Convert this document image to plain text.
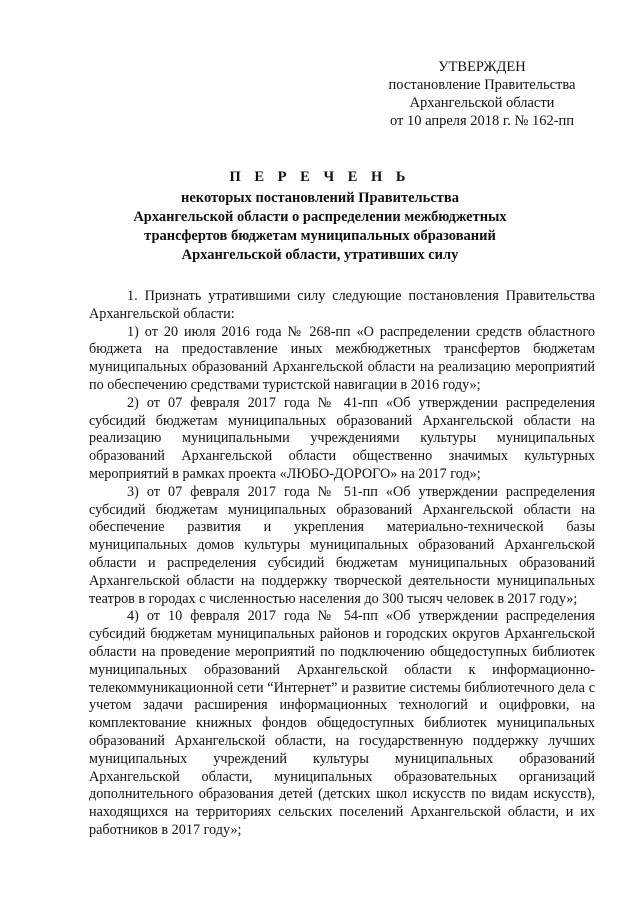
УТВЕРЖДЕН
постановление Правительства
Архангельской области
от 10 апреля 2018 г. № 162-пп
П Е Р Е Ч Е Н Ь
некоторых постановлений Правительства
Архангельской области о распределении межбюджетных
трансфертов бюджетам муниципальных образований
Архангельской области, утративших силу

1. Признать утратившими силу следующие постановления Правительства Архангельской области:

1) от 20 июля 2016 года № 268-пп «О распределении средств областного бюджета на предоставление иных межбюджетных трансфертов бюджетам муниципальных образований Архангельской области на реализацию мероприятий по обеспечению средствами туристской навигации в 2016 году»;

2) от 07 февраля 2017 года № 41-пп «Об утверждении распределения субсидий бюджетам муниципальных образований Архангельской области на реализацию муниципальными учреждениями культуры муниципальных образований Архангельской области общественно значимых культурных мероприятий в рамках проекта «ЛЮБО-ДОРОГО» на 2017 год»;

3) от 07 февраля 2017 года № 51-пп «Об утверждении распределения субсидий бюджетам муниципальных образований Архангельской области на обеспечение развития и укрепления материально-технической базы муниципальных домов культуры муниципальных образований Архангельской области и распределения субсидий бюджетам муниципальных образований Архангельской области на поддержку творческой деятельности муниципальных театров в городах с численностью населения до 300 тысяч человек в 2017 году»;

4) от 10 февраля 2017 года № 54-пп «Об утверждении распределения субсидий бюджетам муниципальных районов и городских округов Архангельской области на проведение мероприятий по подключению общедоступных библиотек муниципальных образований Архангельской области к информационно-телекоммуникационной сети “Интернет” и развитие системы библиотечного дела с учетом задачи расширения информационных технологий и оцифровки, на комплектование книжных фондов общедоступных библиотек муниципальных образований Архангельской области, на государственную поддержку лучших муниципальных учреждений культуры муниципальных образований Архангельской области, муниципальных образовательных организаций дополнительного образования детей (детских школ искусств по видам искусств), находящихся на территориях сельских поселений Архангельской области, и их работников в 2017 году»;
